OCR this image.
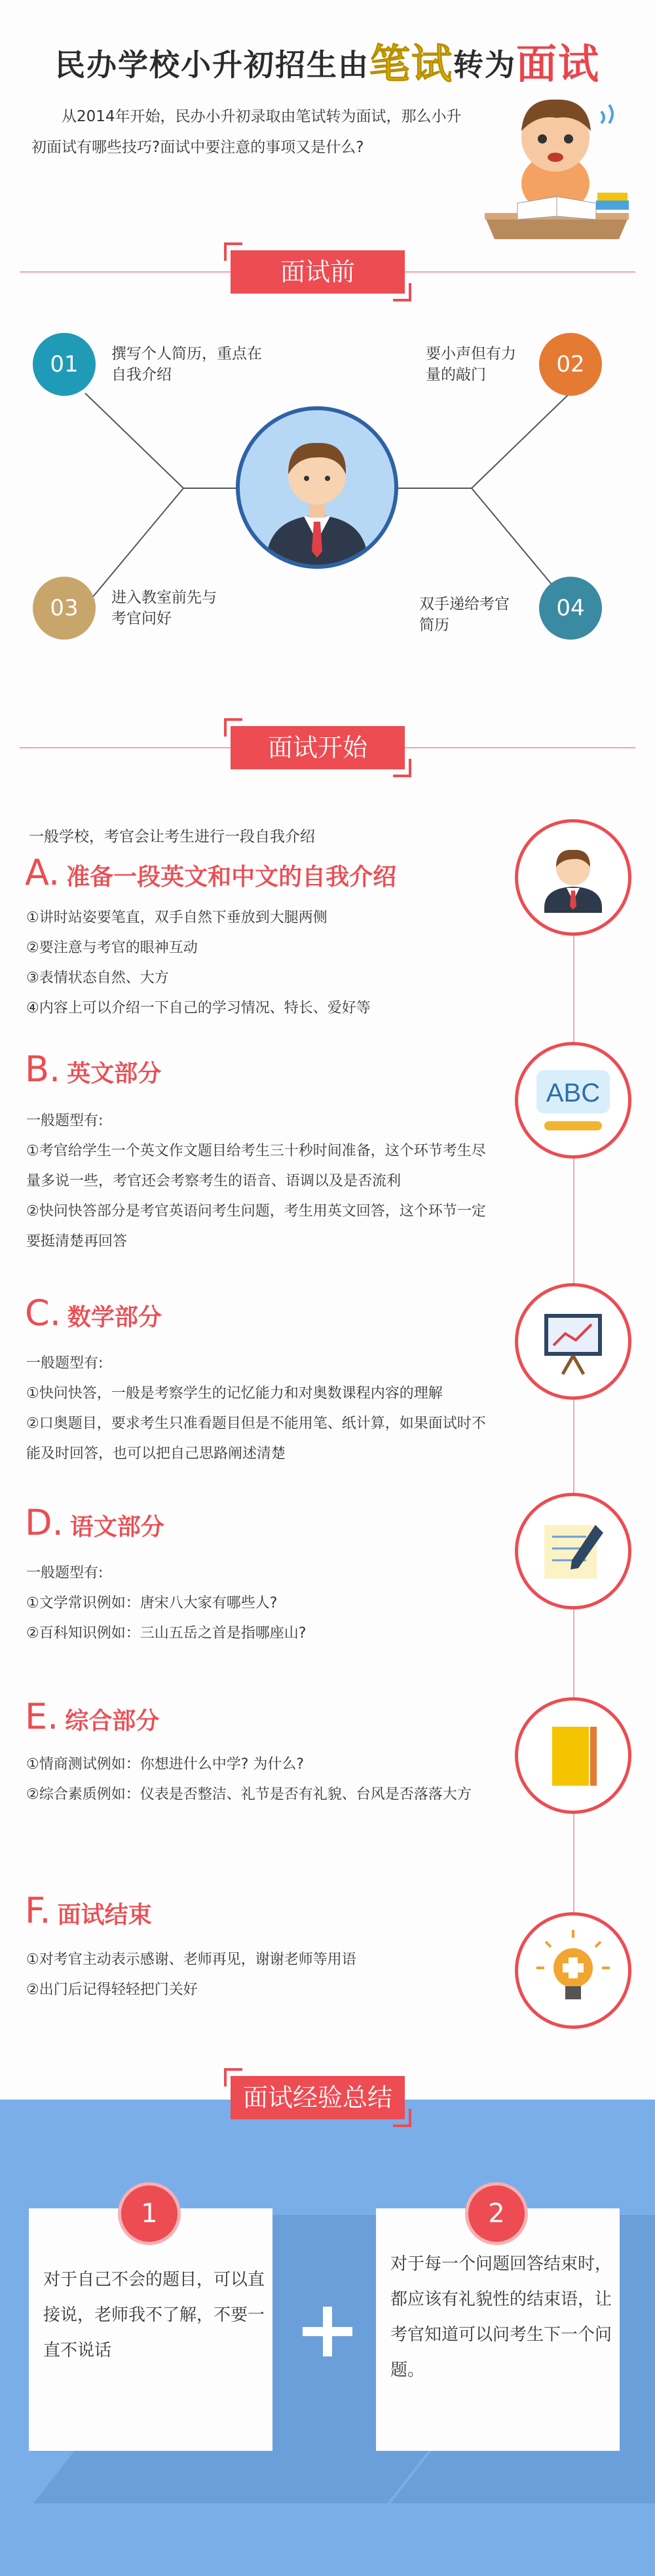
民办学校小升初招生由笔试转为面试
从2014年开始，民办小升初录取由笔试转为面试，那么小升初面试有哪些技巧?面试中要注意的事项又是什么?
面试前
01	撰写个人简历，重点在自我介绍	02
要小声但有力量的敲门
03	进入教室前先与考官问好	04
双手递给考官简历
面试开始
一般学校，考官会让考生进行一段自我介绍
A. 准备一段英文和中文的自我介绍
①讲时站姿要笔直，双手自然下垂放到大腿两侧
②要注意与考官的眼神互动
③表情状态自然、大方
④内容上可以介绍一下自己的学习情况、特长、爱好等
B. 英文部分
一般题型有:
①考官给学生一个英文作文题目给考生三十秒时间准备，这个环节考生尽量多说一些，考官还会考察考生的语音、语调以及是否流利
②快问快答部分是考官英语问考生问题，考生用英文回答，这个环节一定要挺清楚再回答
C. 数学部分
一般题型有:
①快问快答，一般是考察学生的记忆能力和对奥数课程内容的理解
②口奥题目，要求考生只准看题目但是不能用笔、纸计算，如果面试时不能及时回答，也可以把自己思路阐述清楚
D. 语文部分
一般题型有:
①文学常识例如：唐宋八大家有哪些人?
②百科知识例如：三山五岳之首是指哪座山?
E. 综合部分
①情商测试例如：你想进什么中学? 为什么?
②综合素质例如：仪表是否整洁、礼节是否有礼貌、台风是否落落大方
F. 面试结束
①对考官主动表示感谢、老师再见，谢谢老师等用语
②出门后记得轻轻把门关好
ABC
面试经验总结
1
对于自己不会的题目，可以直接说，老师我不了解，不要一直不说话
2
对于每一个问题回答结束时，都应该有礼貌性的结束语，让考官知道可以问考生下一个问题。
